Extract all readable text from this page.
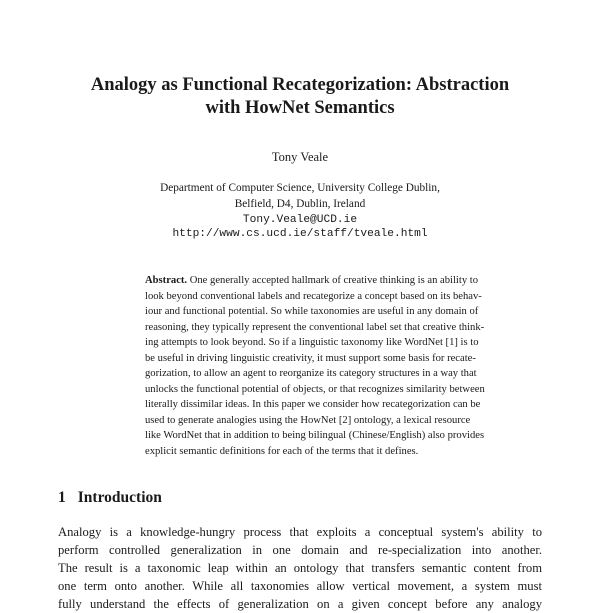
Analogy as Functional Recategorization: Abstraction
with HowNet Semantics
Tony Veale
Department of Computer Science, University College Dublin,
Belfield, D4, Dublin, Ireland
Tony.Veale@UCD.ie
http://www.cs.ucd.ie/staff/tveale.html
Abstract. One generally accepted hallmark of creative thinking is an ability to
look beyond conventional labels and recategorize a concept based on its behav-
iour and functional potential. So while taxonomies are useful in any domain of
reasoning, they typically represent the conventional label set that creative think-
ing attempts to look beyond. So if a linguistic taxonomy like WordNet [1] is to
be useful in driving linguistic creativity, it must support some basis for recate-
gorization, to allow an agent to reorganize its category structures in a way that
unlocks the functional potential of objects, or that recognizes similarity between
literally dissimilar ideas. In this paper we consider how recategorization can be
used to generate analogies using the HowNet [2] ontology, a lexical resource
like WordNet that in addition to being bilingual (Chinese/English) also provides
explicit semantic definitions for each of the terms that it defines.
1 Introduction
Analogy is a knowledge-hungry process that exploits a conceptual system's ability to
perform controlled generalization in one domain and re-specialization into another.
The result is a taxonomic leap within an ontology that transfers semantic content from
one term onto another. While all taxonomies allow vertical movement, a system must
fully understand the effects of generalization on a given concept before any analogy
